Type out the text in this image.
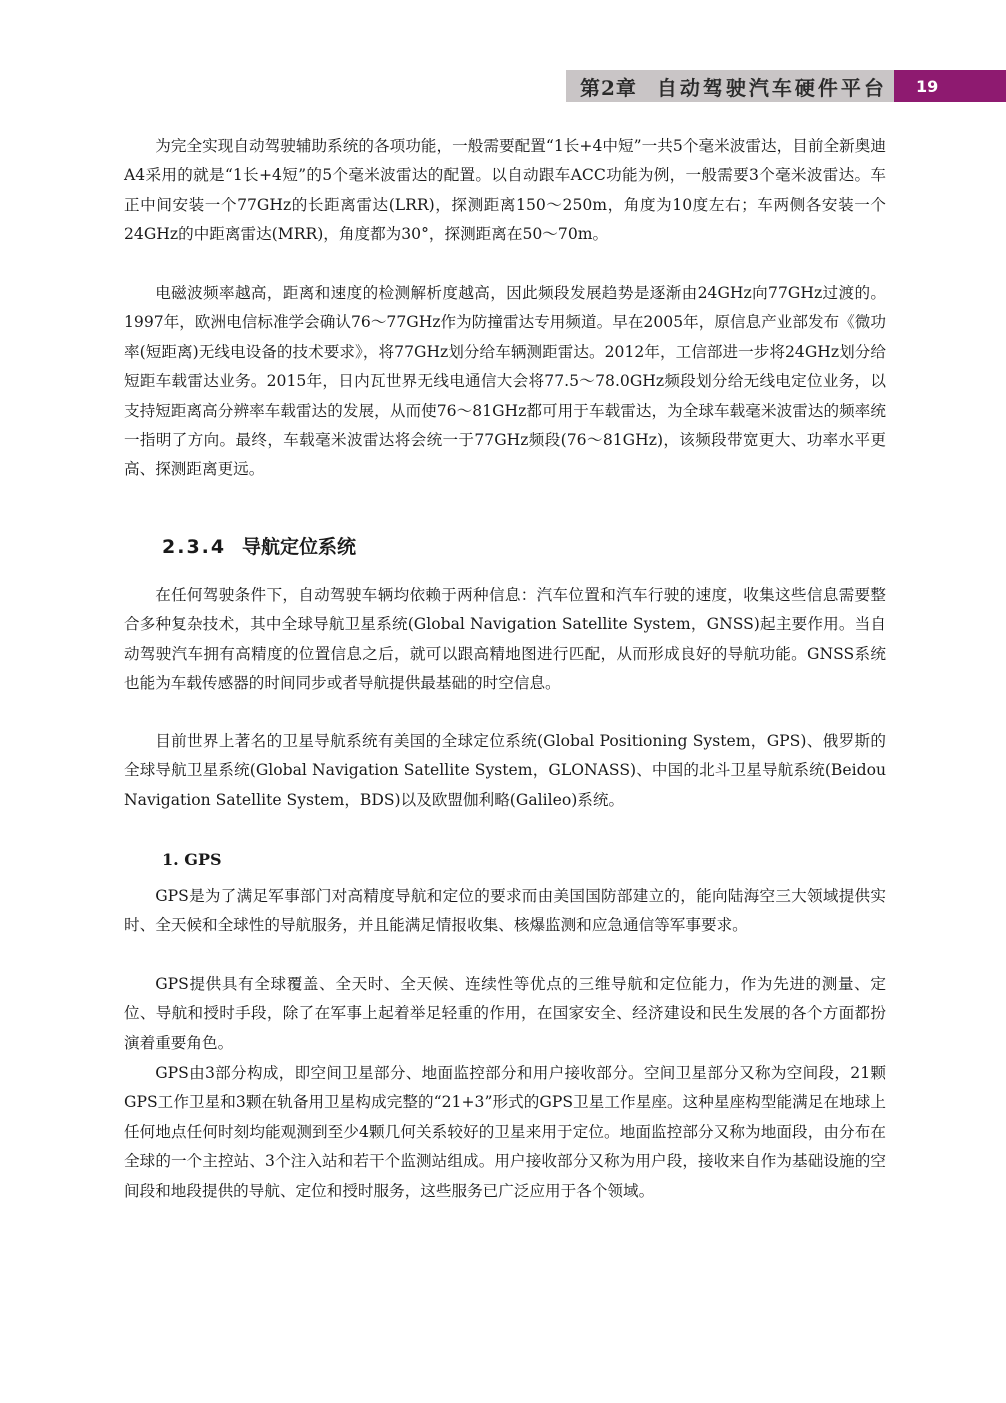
第2章 自动驾驶汽车硬件平台	19

为完全实现自动驾驶辅助系统的各项功能，一般需要配置“1长+4中短”一共5个毫米波雷达，目前全新奥迪A4采用的就是“1长+4短”的5个毫米波雷达的配置。以自动跟车ACC功能为例，一般需要3个毫米波雷达。车正中间安装一个77GHz的长距离雷达(LRR)，探测距离150～250m，角度为10度左右；车两侧各安装一个24GHz的中距离雷达(MRR)，角度都为30°，探测距离在50～70m。

电磁波频率越高，距离和速度的检测解析度越高，因此频段发展趋势是逐渐由24GHz向77GHz过渡的。1997年，欧洲电信标准学会确认76～77GHz作为防撞雷达专用频道。早在2005年，原信息产业部发布《微功率(短距离)无线电设备的技术要求》，将77GHz划分给车辆测距雷达。2012年，工信部进一步将24GHz划分给短距车载雷达业务。2015年，日内瓦世界无线电通信大会将77.5～78.0GHz频段划分给无线电定位业务，以支持短距离高分辨率车载雷达的发展，从而使76～81GHz都可用于车载雷达，为全球车载毫米波雷达的频率统一指明了方向。最终，车载毫米波雷达将会统一于77GHz频段(76～81GHz)，该频段带宽更大、功率水平更高、探测距离更远。

2.3.4 导航定位系统

在任何驾驶条件下，自动驾驶车辆均依赖于两种信息：汽车位置和汽车行驶的速度，收集这些信息需要整合多种复杂技术，其中全球导航卫星系统(Global Navigation Satellite System，GNSS)起主要作用。当自动驾驶汽车拥有高精度的位置信息之后，就可以跟高精地图进行匹配，从而形成良好的导航功能。GNSS系统也能为车载传感器的时间同步或者导航提供最基础的时空信息。

目前世界上著名的卫星导航系统有美国的全球定位系统(Global Positioning System，GPS)、俄罗斯的全球导航卫星系统(Global Navigation Satellite System，GLONASS)、中国的北斗卫星导航系统(Beidou Navigation Satellite System，BDS)以及欧盟伽利略(Galileo)系统。

1. GPS

GPS是为了满足军事部门对高精度导航和定位的要求而由美国国防部建立的，能向陆海空三大领域提供实时、全天候和全球性的导航服务，并且能满足情报收集、核爆监测和应急通信等军事要求。

GPS提供具有全球覆盖、全天时、全天候、连续性等优点的三维导航和定位能力，作为先进的测量、定位、导航和授时手段，除了在军事上起着举足轻重的作用，在国家安全、经济建设和民生发展的各个方面都扮演着重要角色。

GPS由3部分构成，即空间卫星部分、地面监控部分和用户接收部分。空间卫星部分又称为空间段，21颗GPS工作卫星和3颗在轨备用卫星构成完整的“21+3”形式的GPS卫星工作星座。这种星座构型能满足在地球上任何地点任何时刻均能观测到至少4颗几何关系较好的卫星来用于定位。地面监控部分又称为地面段，由分布在全球的一个主控站、3个注入站和若干个监测站组成。用户接收部分又称为用户段，接收来自作为基础设施的空间段和地段提供的导航、定位和授时服务，这些服务已广泛应用于各个领域。
